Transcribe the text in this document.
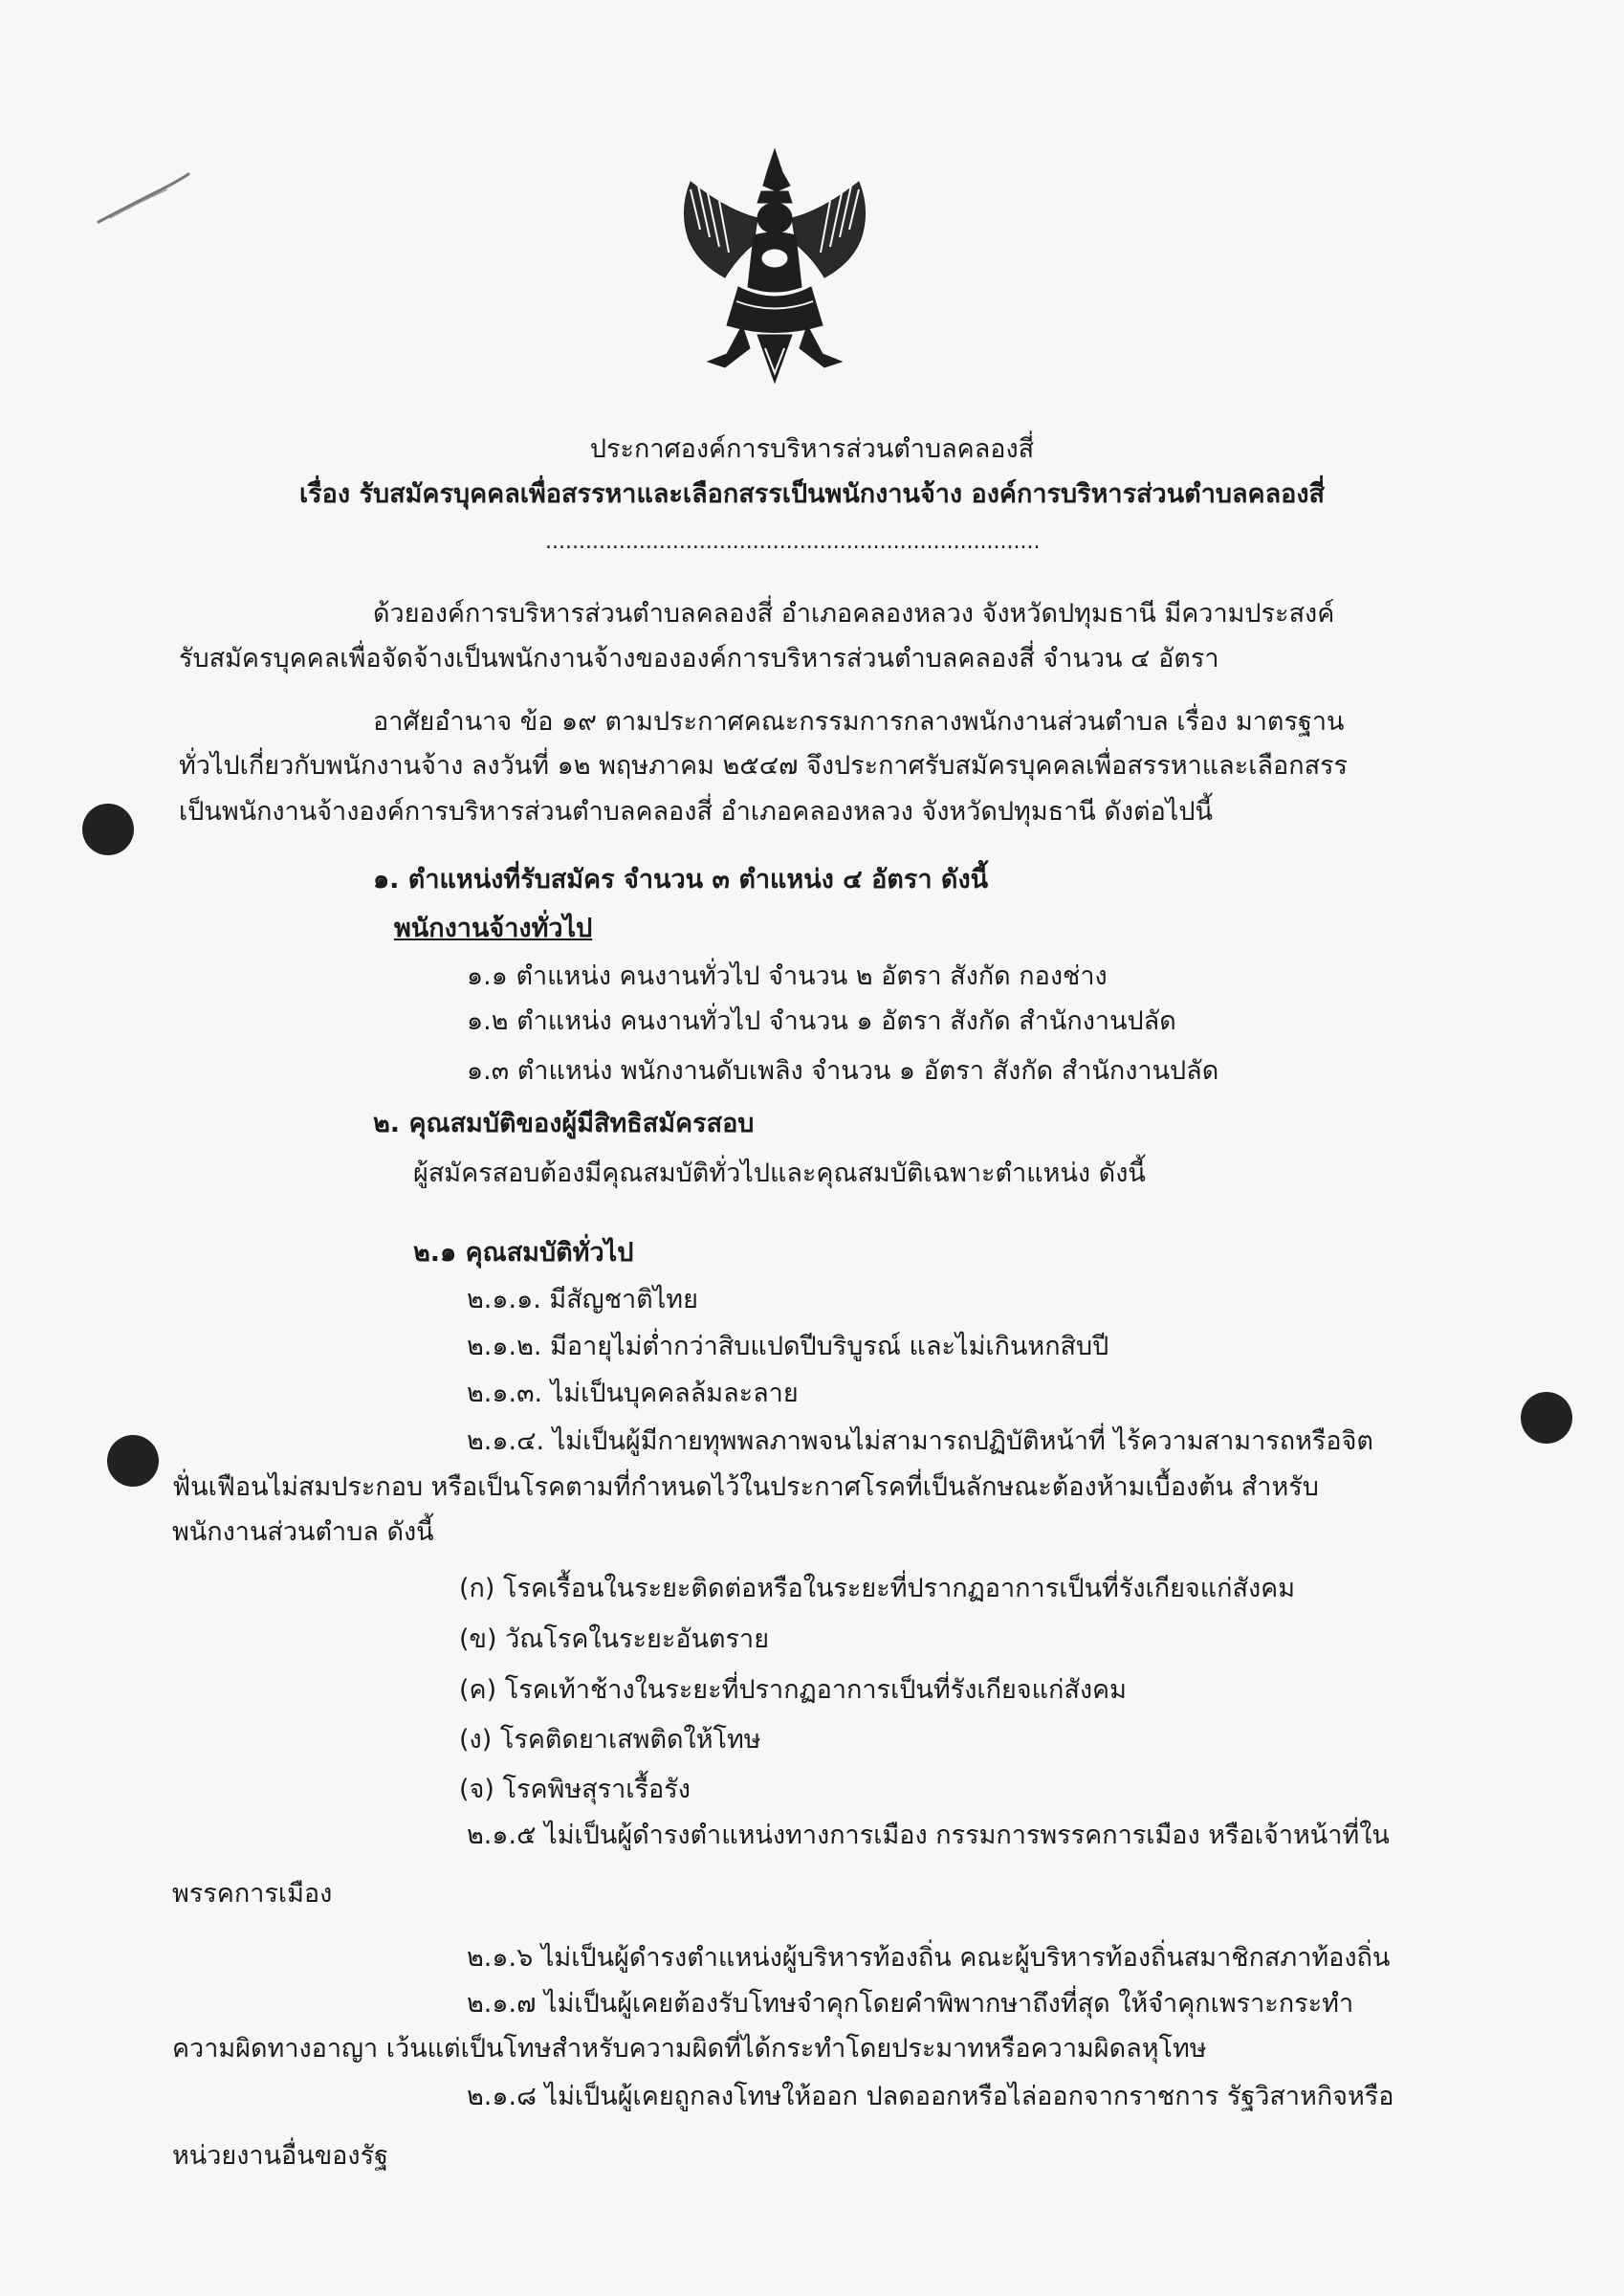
ประกาศองค์การบริหารส่วนตำบลคลองสี่
เรื่อง รับสมัครบุคคลเพื่อสรรหาและเลือกสรรเป็นพนักงานจ้าง องค์การบริหารส่วนตำบลคลองสี่
..........................................................................
ด้วยองค์การบริหารส่วนตำบลคลองสี่ อำเภอคลองหลวง จังหวัดปทุมธานี มีความประสงค์
รับสมัครบุคคลเพื่อจัดจ้างเป็นพนักงานจ้างขององค์การบริหารส่วนตำบลคลองสี่ จำนวน ๔ อัตรา
อาศัยอำนาจ ข้อ ๑๙ ตามประกาศคณะกรรมการกลางพนักงานส่วนตำบล เรื่อง มาตรฐาน
ทั่วไปเกี่ยวกับพนักงานจ้าง ลงวันที่ ๑๒ พฤษภาคม ๒๕๔๗ จึงประกาศรับสมัครบุคคลเพื่อสรรหาและเลือกสรร
เป็นพนักงานจ้างองค์การบริหารส่วนตำบลคลองสี่ อำเภอคลองหลวง จังหวัดปทุมธานี ดังต่อไปนี้
๑. ตำแหน่งที่รับสมัคร จำนวน ๓ ตำแหน่ง ๔ อัตรา ดังนี้
พนักงานจ้างทั่วไป
๑.๑ ตำแหน่ง คนงานทั่วไป จำนวน ๒ อัตรา สังกัด กองช่าง
๑.๒ ตำแหน่ง คนงานทั่วไป จำนวน ๑ อัตรา สังกัด สำนักงานปลัด
๑.๓ ตำแหน่ง พนักงานดับเพลิง จำนวน ๑ อัตรา สังกัด สำนักงานปลัด
๒. คุณสมบัติของผู้มีสิทธิสมัครสอบ
ผู้สมัครสอบต้องมีคุณสมบัติทั่วไปและคุณสมบัติเฉพาะตำแหน่ง ดังนี้
๒.๑ คุณสมบัติทั่วไป
๒.๑.๑. มีสัญชาติไทย
๒.๑.๒. มีอายุไม่ต่ำกว่าสิบแปดปีบริบูรณ์ และไม่เกินหกสิบปี
๒.๑.๓. ไม่เป็นบุคคลล้มละลาย
๒.๑.๔. ไม่เป็นผู้มีกายทุพพลภาพจนไม่สามารถปฏิบัติหน้าที่ ไร้ความสามารถหรือจิต
ฟั่นเฟือนไม่สมประกอบ หรือเป็นโรคตามที่กำหนดไว้ในประกาศโรคที่เป็นลักษณะต้องห้ามเบื้องต้น สำหรับ
พนักงานส่วนตำบล ดังนี้
(ก) โรคเรื้อนในระยะติดต่อหรือในระยะที่ปรากฏอาการเป็นที่รังเกียจแก่สังคม
(ข) วัณโรคในระยะอันตราย
(ค) โรคเท้าช้างในระยะที่ปรากฏอาการเป็นที่รังเกียจแก่สังคม
(ง) โรคติดยาเสพติดให้โทษ
(จ) โรคพิษสุราเรื้อรัง
๒.๑.๕ ไม่เป็นผู้ดำรงตำแหน่งทางการเมือง กรรมการพรรคการเมือง หรือเจ้าหน้าที่ใน
พรรคการเมือง
๒.๑.๖ ไม่เป็นผู้ดำรงตำแหน่งผู้บริหารท้องถิ่น คณะผู้บริหารท้องถิ่นสมาชิกสภาท้องถิ่น
๒.๑.๗ ไม่เป็นผู้เคยต้องรับโทษจำคุกโดยคำพิพากษาถึงที่สุด ให้จำคุกเพราะกระทำ
ความผิดทางอาญา เว้นแต่เป็นโทษสำหรับความผิดที่ได้กระทำโดยประมาทหรือความผิดลหุโทษ
๒.๑.๘ ไม่เป็นผู้เคยถูกลงโทษให้ออก ปลดออกหรือไล่ออกจากราชการ รัฐวิสาหกิจหรือ
หน่วยงานอื่นของรัฐ
